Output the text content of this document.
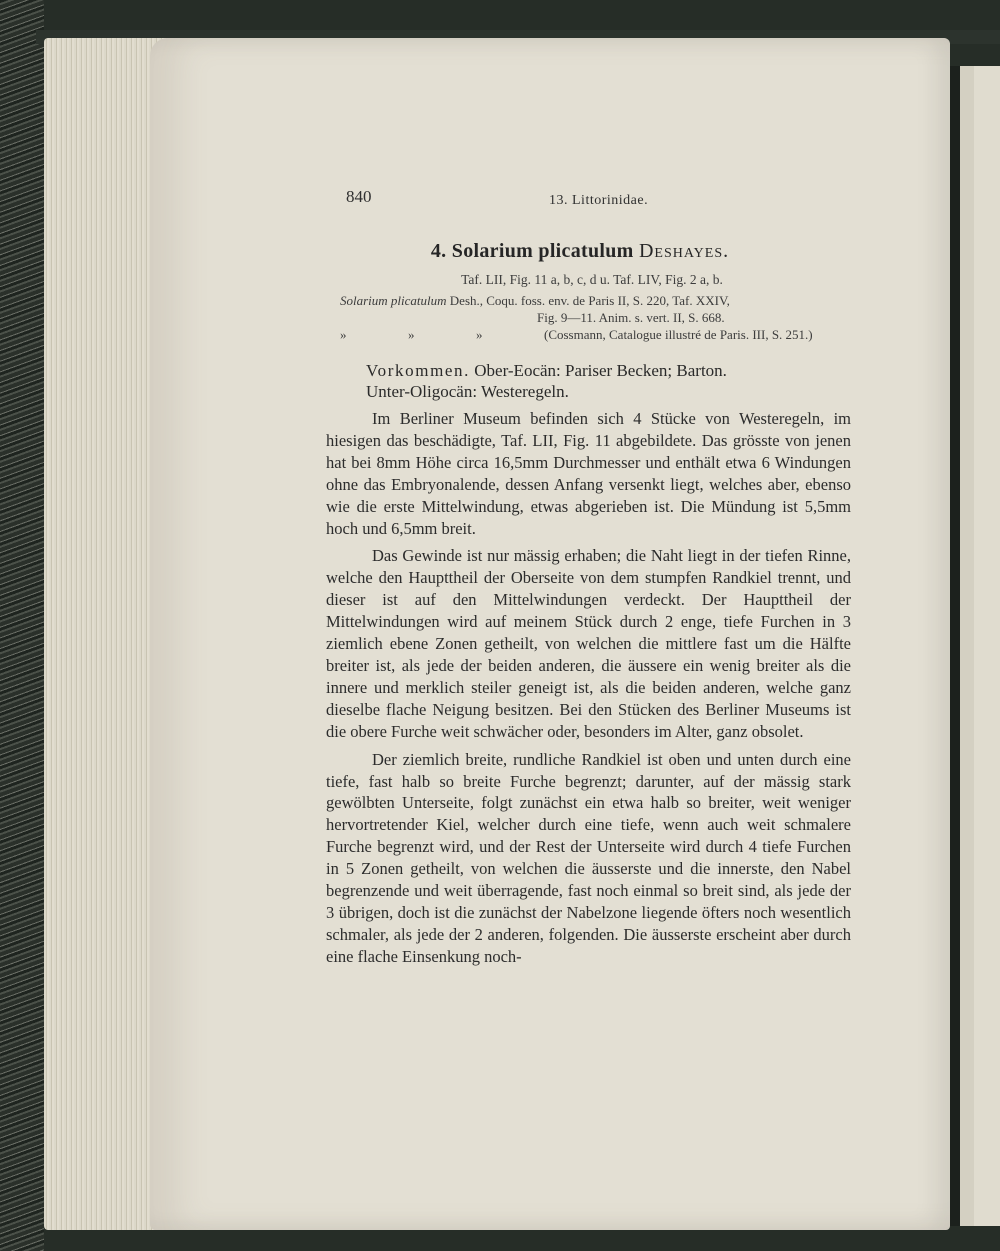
840	13. Littorinidae.
4. Solarium plicatulum Deshayes.
Taf. LII, Fig. 11 a, b, c, d u. Taf. LIV, Fig. 2 a, b.
Solarium plicatulum Desh., Coqu. foss. env. de Paris II, S. 220, Taf. XXIV,
Fig. 9—11. Anim. s. vert. II, S. 668.
»	»	»	(Cossmann, Catalogue illustré de Paris. III, S. 251.)
Vorkommen. Ober-Eocän: Pariser Becken; Barton.
Unter-Oligocän: Westeregeln.

Im Berliner Museum befinden sich 4 Stücke von Westeregeln, im hiesigen das beschädigte, Taf. LII, Fig. 11 abgebildete. Das grösste von jenen hat bei 8mm Höhe circa 16,5mm Durchmesser und enthält etwa 6 Windungen ohne das Embryonalende, dessen Anfang versenkt liegt, welches aber, ebenso wie die erste Mittelwindung, etwas abgerieben ist. Die Mündung ist 5,5mm hoch und 6,5mm breit.

Das Gewinde ist nur mässig erhaben; die Naht liegt in der tiefen Rinne, welche den Haupttheil der Oberseite von dem stumpfen Randkiel trennt, und dieser ist auf den Mittelwindungen verdeckt. Der Haupttheil der Mittelwindungen wird auf meinem Stück durch 2 enge, tiefe Furchen in 3 ziemlich ebene Zonen getheilt, von welchen die mittlere fast um die Hälfte breiter ist, als jede der beiden anderen, die äussere ein wenig breiter als die innere und merklich steiler geneigt ist, als die beiden anderen, welche ganz dieselbe flache Neigung besitzen. Bei den Stücken des Berliner Museums ist die obere Furche weit schwächer oder, besonders im Alter, ganz obsolet.

Der ziemlich breite, rundliche Randkiel ist oben und unten durch eine tiefe, fast halb so breite Furche begrenzt; darunter, auf der mässig stark gewölbten Unterseite, folgt zunächst ein etwa halb so breiter, weit weniger hervortretender Kiel, welcher durch eine tiefe, wenn auch weit schmalere Furche begrenzt wird, und der Rest der Unterseite wird durch 4 tiefe Furchen in 5 Zonen getheilt, von welchen die äusserste und die innerste, den Nabel begrenzende und weit überragende, fast noch einmal so breit sind, als jede der 3 übrigen, doch ist die zunächst der Nabelzone liegende öfters noch wesentlich schmaler, als jede der 2 anderen, folgenden. Die äusserste erscheint aber durch eine flache Einsenkung noch-
